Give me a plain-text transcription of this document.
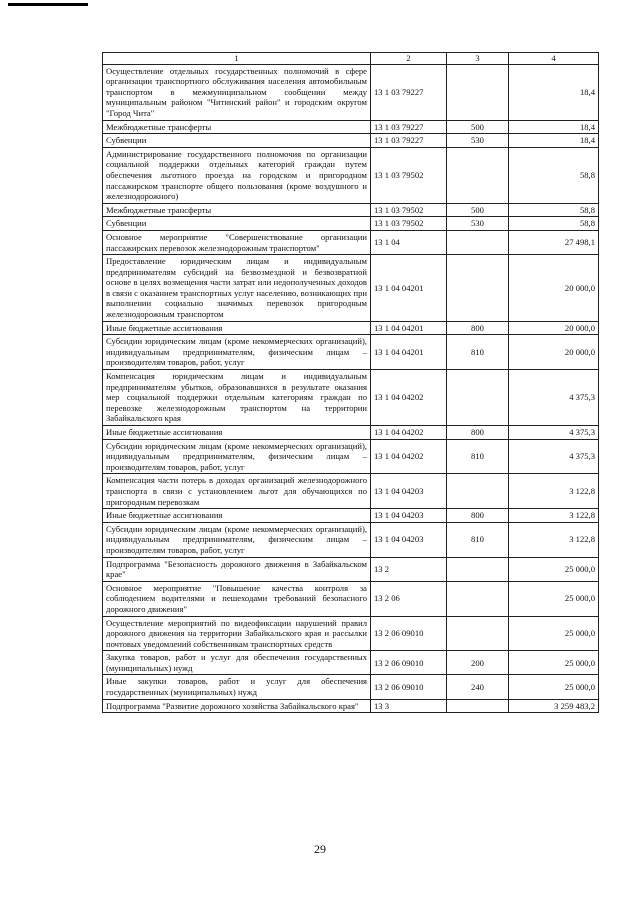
1	2	3	4
Осуществление отдельных государственных полномочий в сфере организации транспортного обслуживания населения автомобильным транспортом в межмуниципальном сообщении между муниципальным районом "Читинский район" и городским округом "Город Чита"	13 1 03 79227		18,4
Межбюджетные трансферты	13 1 03 79227	500	18,4
Субвенции	13 1 03 79227	530	18,4
Администрирование государственного полномочия по организации социальной поддержки отдельных категорий граждан путем обеспечения льготного проезда на городском и пригородном пассажирском транспорте общего пользования (кроме воздушного и железнодорожного)	13 1 03 79502		58,8
Межбюджетные трансферты	13 1 03 79502	500	58,8
Субвенции	13 1 03 79502	530	58,8
Основное мероприятие "Совершенствование организации пассажирских перевозок железнодорожным транспортом"	13 1 04		27 498,1
Предоставление юридическим лицам и индивидуальным предпринимателям субсидий на безвозмездной и безвозвратной основе в целях возмещения части затрат или недополученных доходов в связи с оказанием транспортных услуг населению, возникающих при выполнении социально значимых перевозок пригородным железнодорожным транспортом	13 1 04 04201		20 000,0
Иные бюджетные ассигнования	13 1 04 04201	800	20 000,0
Субсидии юридическим лицам (кроме некоммерческих организаций), индивидуальным предпринимателям, физическим лицам – производителям товаров, работ, услуг	13 1 04 04201	810	20 000,0
Компенсация юридическим лицам и индивидуальным предпринимателям убытков, образовавшихся в результате оказания мер социальной поддержки отдельным категориям граждан по перевозке железнодорожным транспортом на территории Забайкальского края	13 1 04 04202		4 375,3
Иные бюджетные ассигнования	13 1 04 04202	800	4 375,3
Субсидии юридическим лицам (кроме некоммерческих организаций), индивидуальным предпринимателям, физическим лицам – производителям товаров, работ, услуг	13 1 04 04202	810	4 375,3
Компенсация части потерь в доходах организаций железнодорожного транспорта в связи с установлением льгот для обучающихся по пригородным перевозкам	13 1 04 04203		3 122,8
Иные бюджетные ассигнования	13 1 04 04203	800	3 122,8
Субсидии юридическим лицам (кроме некоммерческих организаций), индивидуальным предпринимателям, физическим лицам – производителям товаров, работ, услуг	13 1 04 04203	810	3 122,8
Подпрограмма "Безопасность дорожного движения в Забайкальском крае"	13 2		25 000,0
Основное мероприятие "Повышение качества контроля за соблюдением водителями и пешеходами требований безопасного дорожного движения"	13 2 06		25 000,0
Осуществление мероприятий по видеофиксации нарушений правил дорожного движения на территории Забайкальского края и рассылки почтовых уведомлений собственникам транспортных средств	13 2 06 09010		25 000,0
Закупка товаров, работ и услуг для обеспечения государственных (муниципальных) нужд	13 2 06 09010	200	25 000,0
Иные закупки товаров, работ и услуг для обеспечения государственных (муниципальных) нужд	13 2 06 09010	240	25 000,0
Подпрограмма "Развитие дорожного хозяйства Забайкальского края"	13 3		3 259 483,2
29
